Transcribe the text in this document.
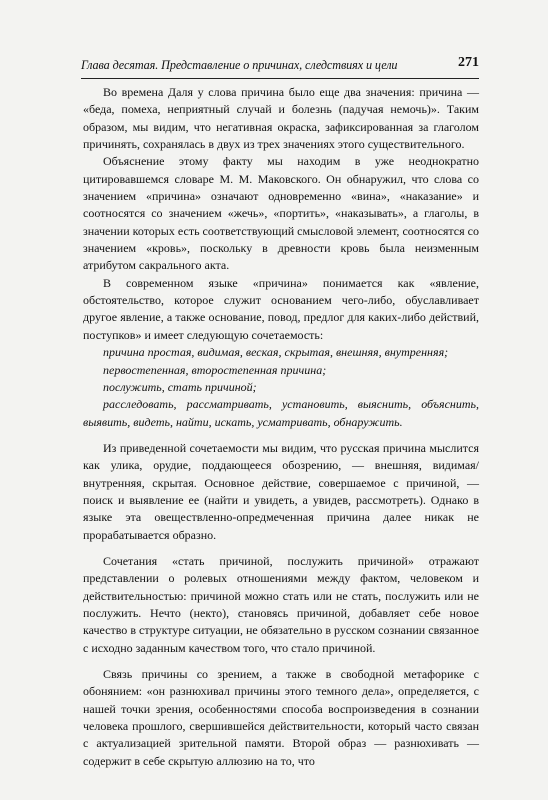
Глава десятая. Представление о причинах, следствиях и цели	271

Во времена Даля у слова причина было еще два значения: причина — «беда, помеха, неприятный случай и болезнь (падучая немочь)». Таким образом, мы видим, что негативная окраска, зафиксированная за глаголом причинять, сохранялась в двух из трех значениях этого существительного.

Объяснение этому факту мы находим в уже неоднократно цитировавшемся словаре М. М. Маковского. Он обнаружил, что слова со значением «причина» означают одновременно «вина», «наказание» и соотносятся со значением «жечь», «портить», «наказывать», а глаголы, в значении которых есть соответствующий смысловой элемент, соотносятся со значением «кровь», поскольку в древности кровь была неизменным атрибутом сакрального акта.

В современном языке «причина» понимается как «явление, обстоятельство, которое служит основанием чего-либо, обуславливает другое явление, а также основание, повод, предлог для каких-либо действий, поступков» и имеет следующую сочетаемость:

причина простая, видимая, веская, скрытая, внешняя, внутренняя;

первостепенная, второстепенная причина;

послужить, стать причиной;

расследовать, рассматривать, установить, выяснить, объяснить, выявить, видеть, найти, искать, усматривать, обнаружить.

Из приведенной сочетаемости мы видим, что русская причина мыслится как улика, орудие, поддающееся обозрению, — внешняя, видимая/внутренняя, скрытая. Основное действие, совершаемое с причиной, — поиск и выявление ее (найти и увидеть, а увидев, рассмотреть). Однако в языке эта овеществленно-опредмеченная причина далее никак не прорабатывается образно.

Сочетания «стать причиной, послужить причиной» отражают представлении о ролевых отношениями между фактом, человеком и действительностью: причиной можно стать или не стать, послужить или не послужить. Нечто (некто), становясь причиной, добавляет себе новое качество в структуре ситуации, не обязательно в русском сознании связанное с исходно заданным качеством того, что стало причиной.

Связь причины со зрением, а также в свободной метафорике с обонянием: «он разнюхивал причины этого темного дела», определяется, с нашей точки зрения, особенностями способа воспроизведения в сознании человека прошлого, свершившейся действительности, который часто связан с актуализацией зрительной памяти. Второй образ — разнюхивать — содержит в себе скрытую аллюзию на то, что
